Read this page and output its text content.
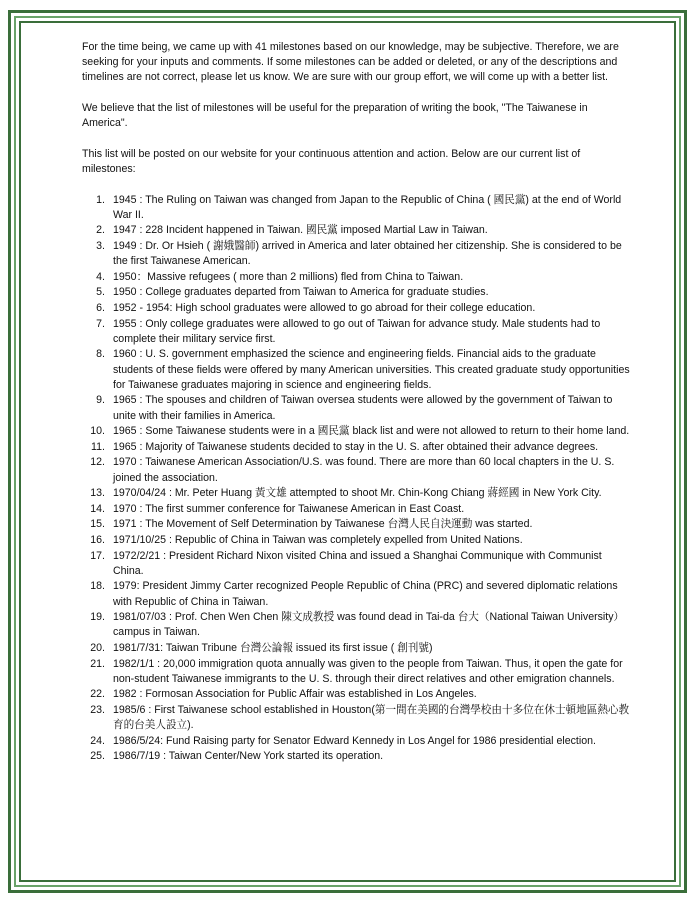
For the time being, we came up with 41 milestones based on our knowledge, may be subjective. Therefore, we are seeking for your inputs and comments. If some milestones can be added or deleted, or any of the descriptions and timelines are not correct, please let us know. We are sure with our group effort, we will come up with a better list.

We believe that the list of milestones will be useful for the preparation of writing the book, "The Taiwanese in America".

This list will be posted on our website for your continuous attention and action. Below are our current list of milestones:

1. 1945 : The Ruling on Taiwan was changed from Japan to the Republic of China ( 國民黨) at the end of World War II.
2. 1947 : 228 Incident happened in Taiwan. 國民黨 imposed Martial Law in Taiwan.
3. 1949 : Dr. Or Hsieh ( 謝娥醫師) arrived in America and later obtained her citizenship. She is considered to be the first Taiwanese American.
4. 1950：Massive refugees ( more than 2 millions) fled from China to Taiwan.
5. 1950 : College graduates departed from Taiwan to America for graduate studies.
6. 1952 - 1954: High school graduates were allowed to go abroad for their college education.
7. 1955 : Only college graduates were allowed to go out of Taiwan for advance study. Male students had to complete their military service first.
8. 1960 : U. S. government emphasized the science and engineering fields. Financial aids to the graduate students of these fields were offered by many American universities. This created graduate study opportunities for Taiwanese graduates majoring in science and engineering fields.
9. 1965 : The spouses and children of Taiwan oversea students were allowed by the government of Taiwan to unite with their families in America.
10. 1965 : Some Taiwanese students were in a 國民黨 black list and were not allowed to return to their home land.
11. 1965 : Majority of Taiwanese students decided to stay in the U. S. after obtained their advance degrees.
12. 1970 : Taiwanese American Association/U.S. was found. There are more than 60 local chapters in the U. S. joined the association.
13. 1970/04/24 : Mr. Peter Huang 黃文雄 attempted to shoot Mr. Chin-Kong Chiang 蔣經國 in New York City.
14. 1970 : The first summer conference for Taiwanese American in East Coast.
15. 1971 : The Movement of Self Determination by Taiwanese 台灣人民自決運動 was started.
16. 1971/10/25 : Republic of China in Taiwan was completely expelled from United Nations.
17. 1972/2/21 : President Richard Nixon visited China and issued a Shanghai Communique with Communist China.
18. 1979: President Jimmy Carter recognized People Republic of China (PRC) and severed diplomatic relations with Republic of China in Taiwan.
19. 1981/07/03 : Prof. Chen Wen Chen 陳文成教授 was found dead in Tai-da 台大（National Taiwan University）campus in Taiwan.
20. 1981/7/31: Taiwan Tribune 台灣公論報 issued its first issue ( 創刊號)
21. 1982/1/1 : 20,000 immigration quota annually was given to the people from Taiwan. Thus, it open the gate for non-student Taiwanese immigrants to the U. S. through their direct relatives and other emigration channels.
22. 1982 : Formosan Association for Public Affair was established in Los Angeles.
23. 1985/6 : First Taiwanese school established in Houston(第一間在美國的台灣學校由十多位在休士頓地區熱心教育的台美人設立).
24. 1986/5/24: Fund Raising party for Senator Edward Kennedy in Los Angel for 1986 presidential election.
25. 1986/7/19 : Taiwan Center/New York started its operation.
